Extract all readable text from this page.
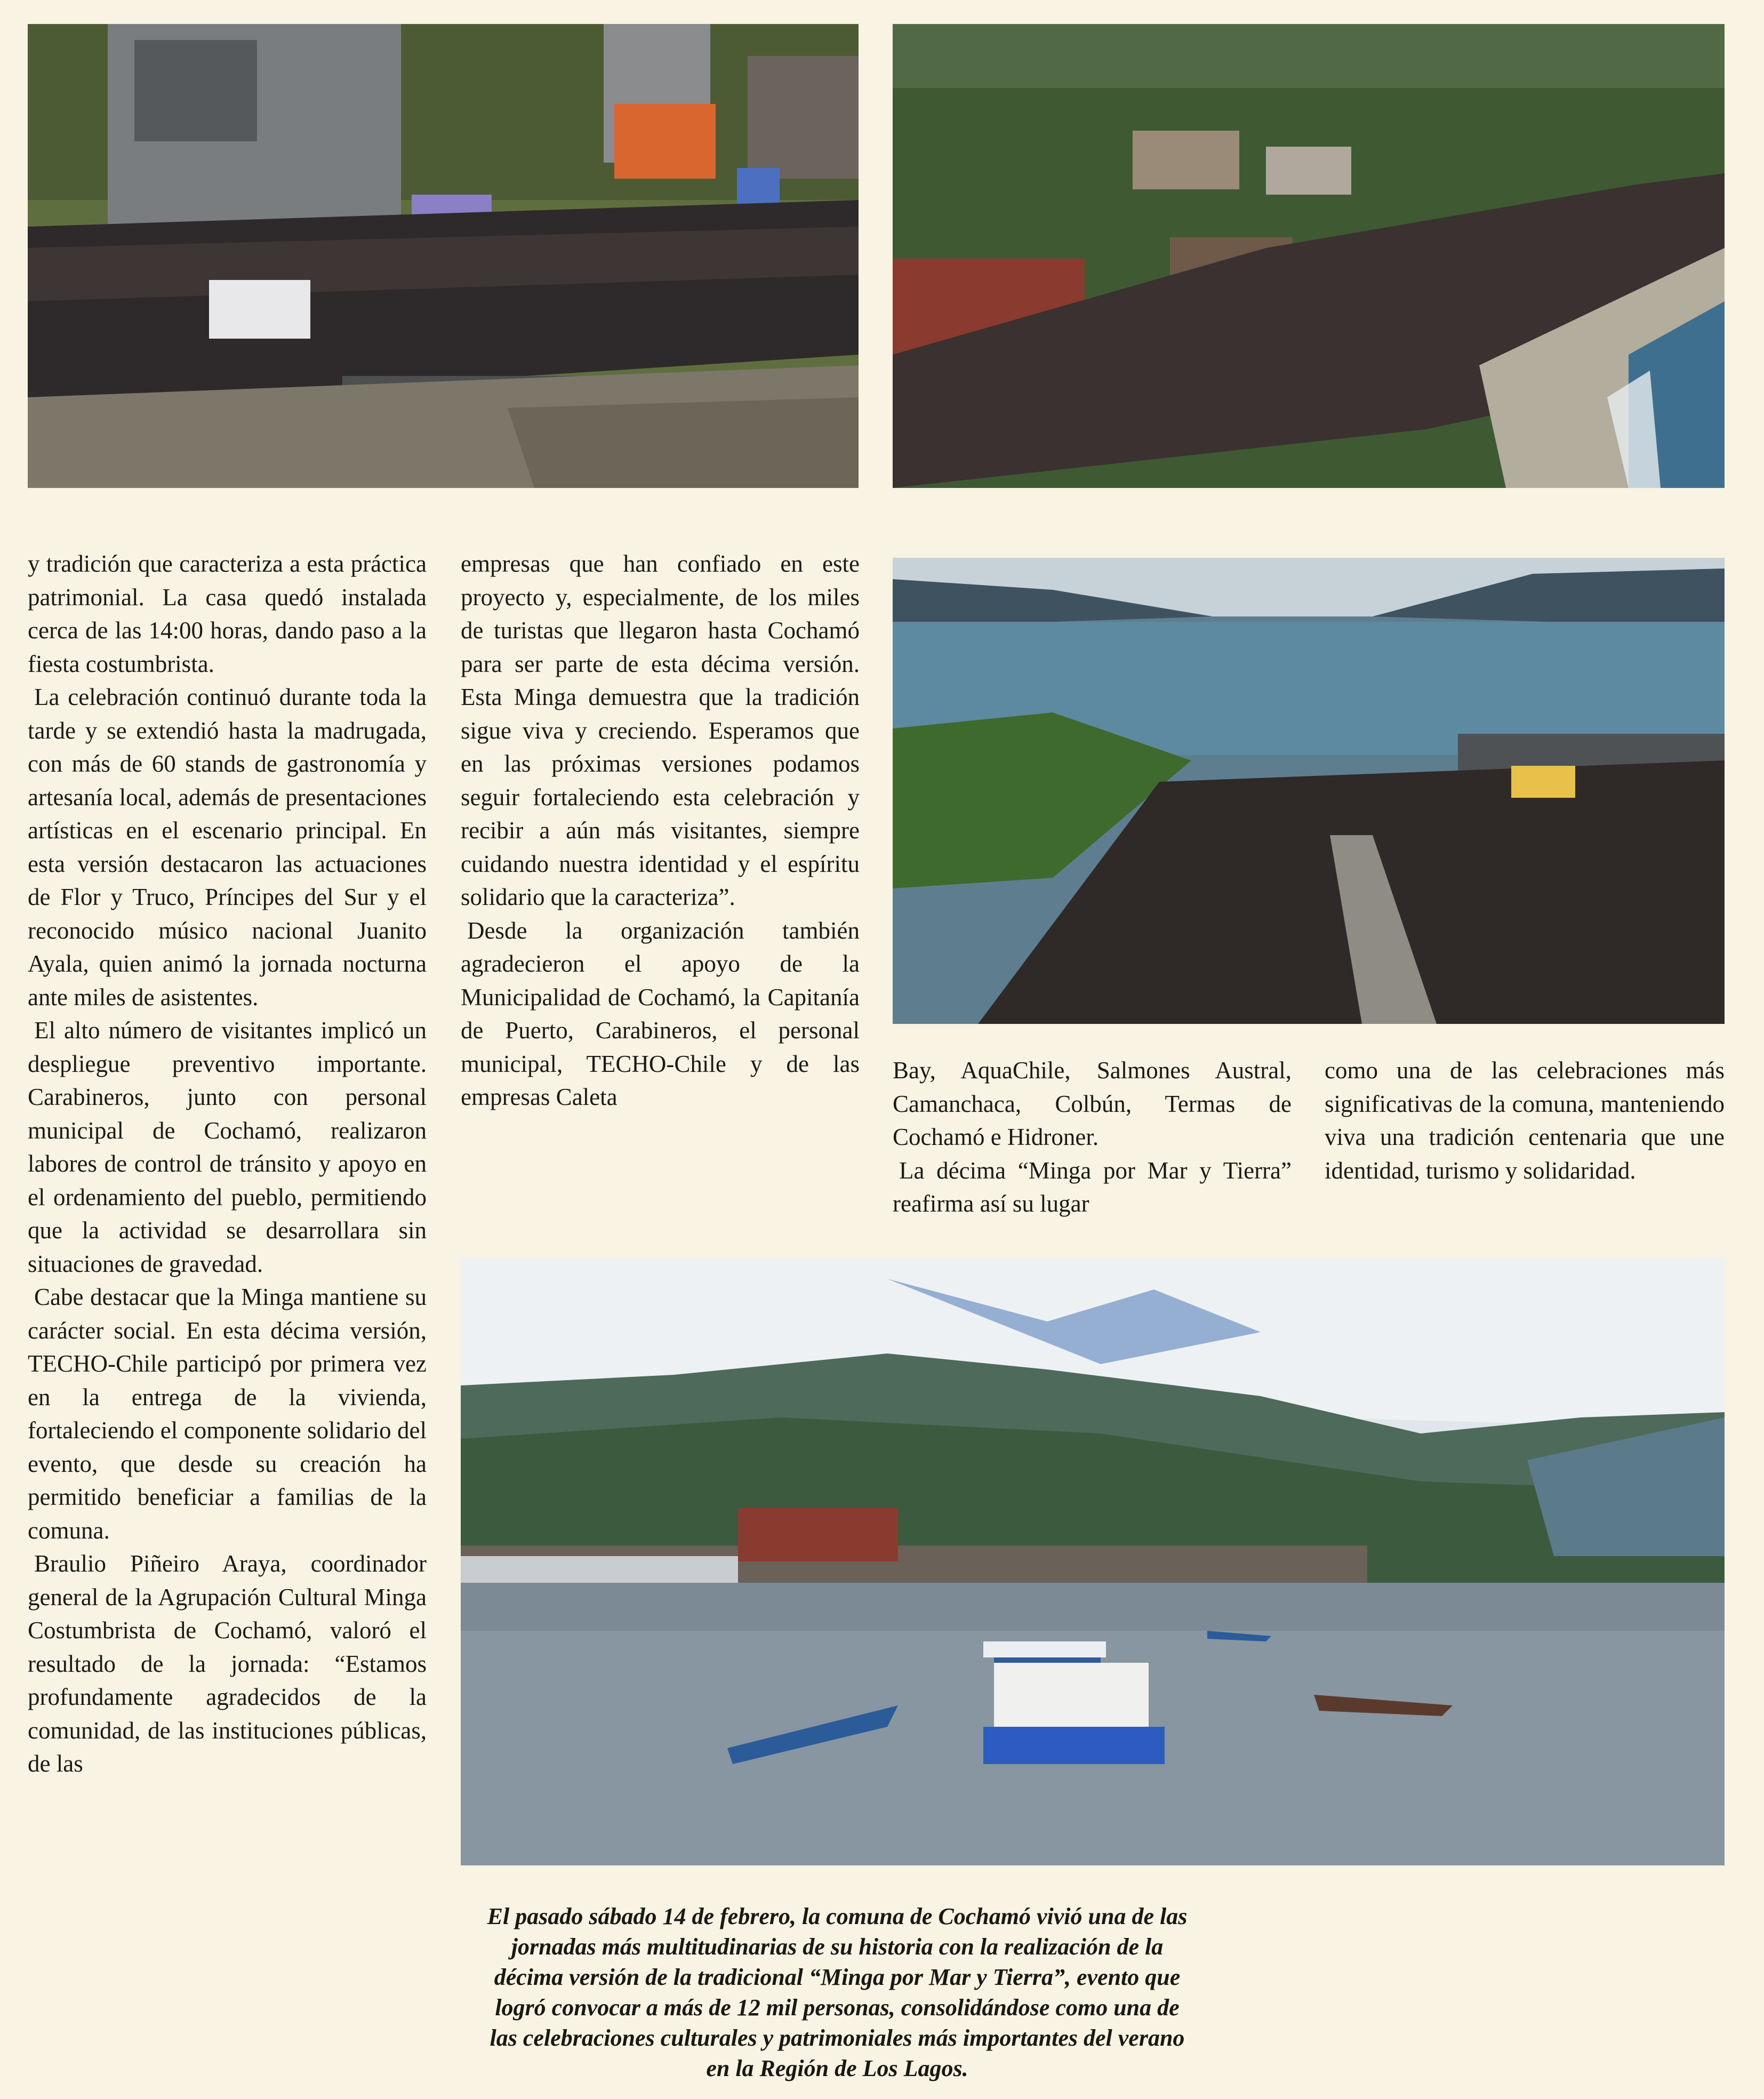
y tradición que caracteriza a esta práctica patrimonial. La casa quedó instalada cerca de las 14:00 horas, dando paso a la fiesta costumbrista.

La celebración continuó durante toda la tarde y se extendió hasta la madrugada, con más de 60 stands de gastronomía y artesanía local, además de presentaciones artísticas en el escenario principal. En esta versión destacaron las actuaciones de Flor y Truco, Príncipes del Sur y el reconocido músico nacional Juanito Ayala, quien animó la jornada nocturna ante miles de asistentes.

El alto número de visitantes implicó un despliegue preventivo importante. Carabineros, junto con personal municipal de Cochamó, realizaron labores de control de tránsito y apoyo en el ordenamiento del pueblo, permitiendo que la actividad se desarrollara sin situaciones de gravedad.

Cabe destacar que la Minga mantiene su carácter social. En esta décima versión, TECHO-Chile participó por primera vez en la entrega de la vivienda, fortaleciendo el componente solidario del evento, que desde su creación ha permitido beneficiar a familias de la comuna.

Braulio Piñeiro Araya, coordinador general de la Agrupación Cultural Minga Costumbrista de Cochamó, valoró el resultado de la jornada: “Estamos profundamente agradecidos de la comunidad, de las instituciones públicas, de las

empresas que han confiado en este proyecto y, especialmente, de los miles de turistas que llegaron hasta Cochamó para ser parte de esta décima versión. Esta Minga demuestra que la tradición sigue viva y creciendo. Esperamos que en las próximas versiones podamos seguir fortaleciendo esta celebración y recibir a aún más visitantes, siempre cuidando nuestra identidad y el espíritu solidario que la caracteriza”.

Desde la organización también agradecieron el apoyo de la Municipalidad de Cochamó, la Capitanía de Puerto, Carabineros, el personal municipal, TECHO-Chile y de las empresas Caleta

Bay, AquaChile, Salmones Austral, Camanchaca, Colbún, Termas de Cochamó e Hidroner.

La décima “Minga por Mar y Tierra” reafirma así su lugar

como una de las celebraciones más significativas de la comuna, manteniendo viva una tradición centenaria que une identidad, turismo y solidaridad.

El pasado sábado 14 de febrero, la comuna de Cochamó vivió una de las jornadas más multitudinarias de su historia con la realización de la décima versión de la tradicional “Minga por Mar y Tierra”, evento que logró convocar a más de 12 mil personas, consolidándose como una de las celebraciones culturales y patrimoniales más importantes del verano en la Región de Los Lagos.
